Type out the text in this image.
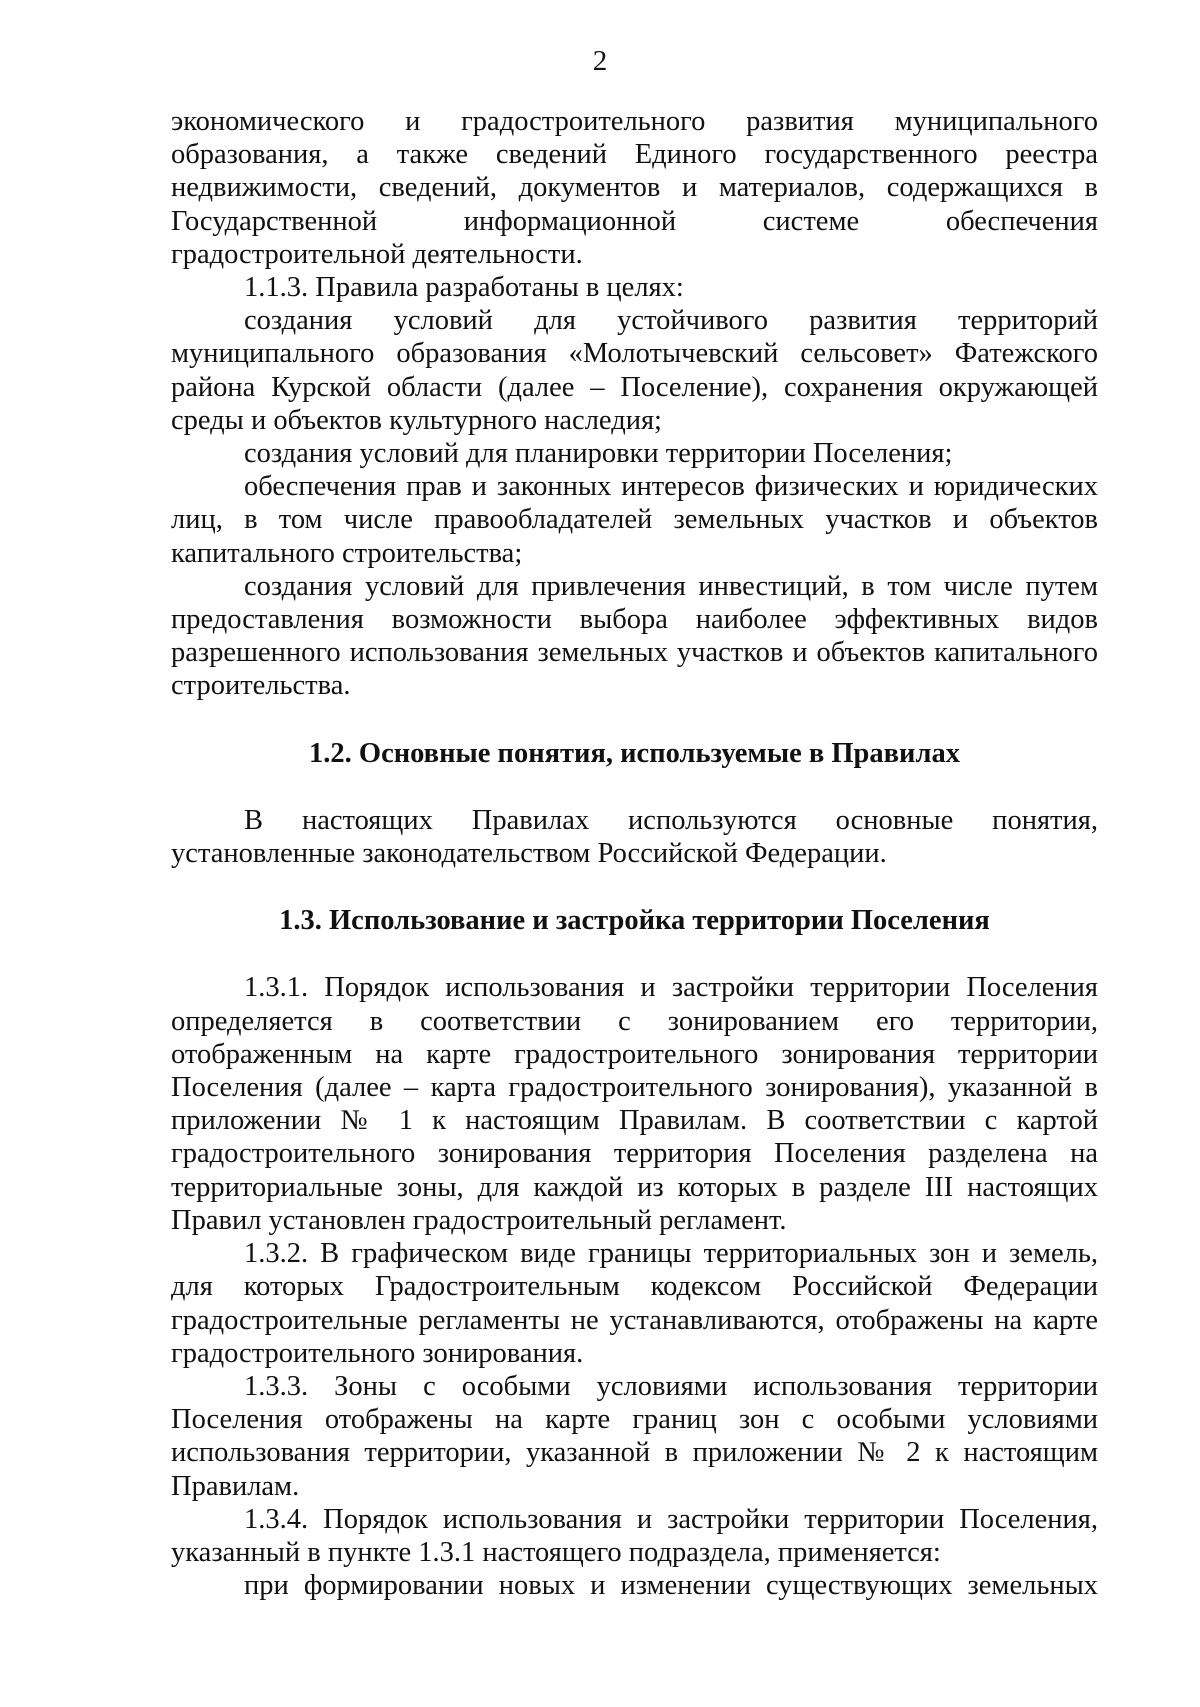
2

экономического и градостроительного развития муниципального образования, а также сведений Единого государственного реестра недвижимости, сведений, документов и материалов, содержащихся в Государственной информационной системе обеспечения градостроительной деятельности.

1.1.3. Правила разработаны в целях:

создания условий для устойчивого развития территорий муниципального образования «Молотычевский сельсовет» Фатежского района Курской области (далее – Поселение), сохранения окружающей среды и объектов культурного наследия;

создания условий для планировки территории Поселения;

обеспечения прав и законных интересов физических и юридических лиц, в том числе правообладателей земельных участков и объектов капитального строительства;

создания условий для привлечения инвестиций, в том числе путем предоставления возможности выбора наиболее эффективных видов разрешенного использования земельных участков и объектов капитального строительства.

1.2. Основные понятия, используемые в Правилах

В настоящих Правилах используются основные понятия, установленные законодательством Российской Федерации.

1.3. Использование и застройка территории Поселения

1.3.1. Порядок использования и застройки территории Поселения определяется в соответствии с зонированием его территории, отображенным на карте градостроительного зонирования территории Поселения (далее – карта градостроительного зонирования), указанной в приложении № 1 к настоящим Правилам. В соответствии с картой градостроительного зонирования территория Поселения разделена на территориальные зоны, для каждой из которых в разделе III настоящих Правил установлен градостроительный регламент.

1.3.2. В графическом виде границы территориальных зон и земель, для которых Градостроительным кодексом Российской Федерации градостроительные регламенты не устанавливаются, отображены на карте градостроительного зонирования.

1.3.3. Зоны с особыми условиями использования территории Поселения отображены на карте границ зон с особыми условиями использования территории, указанной в приложении № 2 к настоящим Правилам.

1.3.4. Порядок использования и застройки территории Поселения, указанный в пункте 1.3.1 настоящего подраздела, применяется:

при формировании новых и изменении существующих земельных
